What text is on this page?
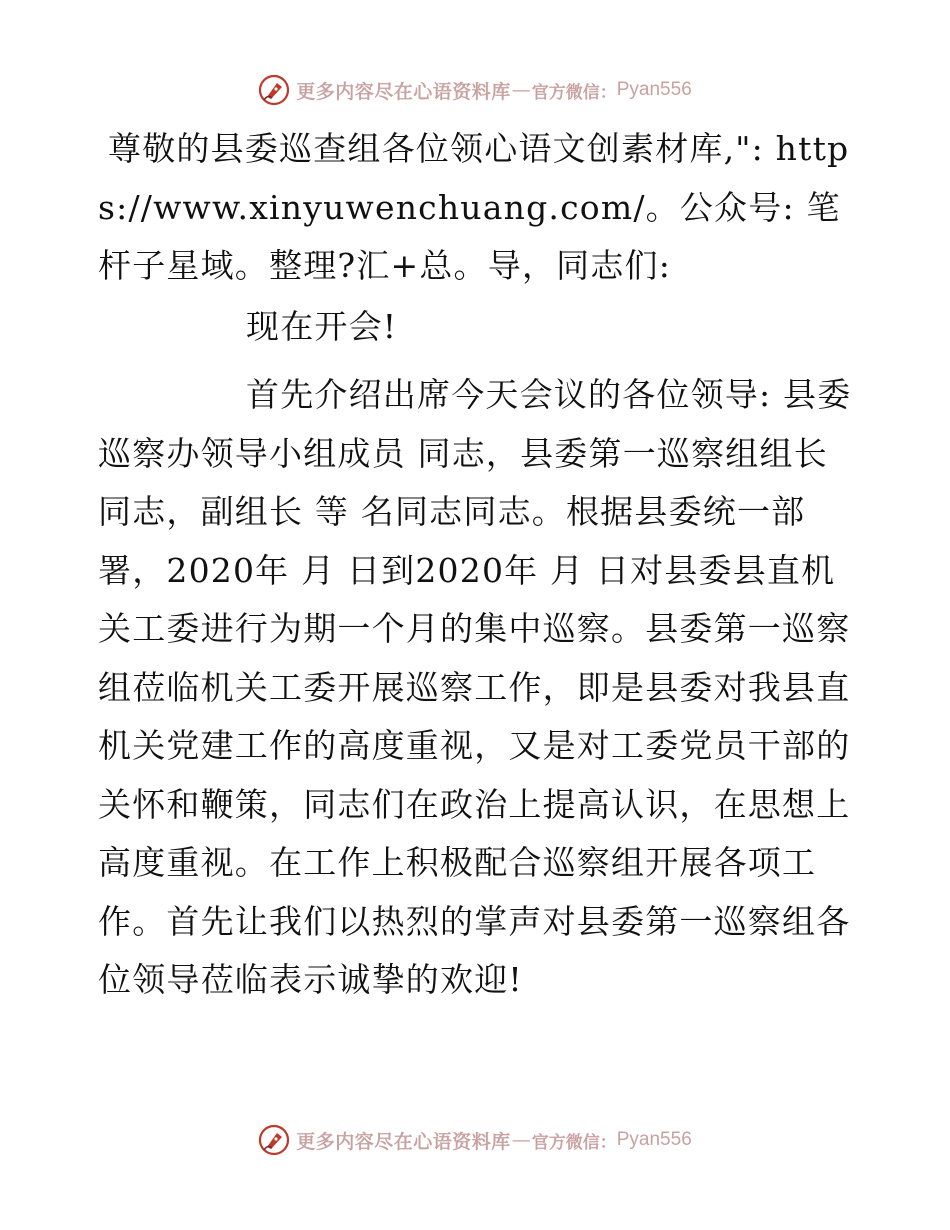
更多内容尽在心语资料库 — 官方微信： Pyan556

尊敬的县委巡查组各位领心语文创素材库,": https://www.xinyuwenchuang.com/。公众号: 笔杆子星域。整理?汇+总。导，同志们:

现在开会!

首先介绍出席今天会议的各位领导: 县委巡察办领导小组成员 同志，县委第一巡察组组长 同志，副组长 等 名同志同志。根据县委统一部署，2020年 月 日到2020年 月 日对县委县直机关工委进行为期一个月的集中巡察。县委第一巡察组莅临机关工委开展巡察工作，即是县委对我县直机关党建工作的高度重视，又是对工委党员干部的关怀和鞭策，同志们在政治上提高认识，在思想上高度重视。在工作上积极配合巡察组开展各项工作。首先让我们以热烈的掌声对县委第一巡察组各位领导莅临表示诚挚的欢迎!

更多内容尽在心语资料库 — 官方微信： Pyan556
